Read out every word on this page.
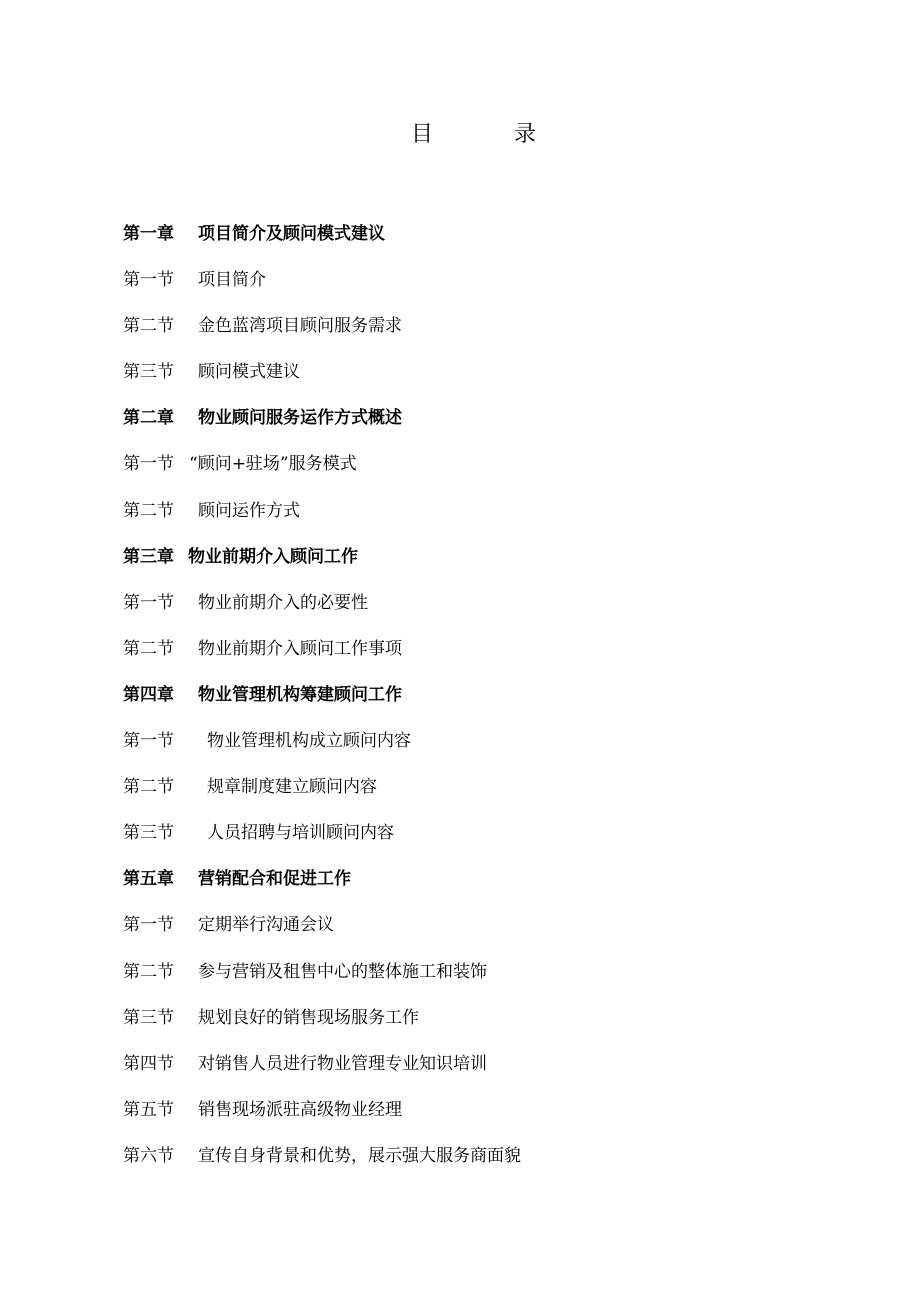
目	录
第一章 项目简介及顾问模式建议
第一节 项目简介
第二节 金色蓝湾项目顾问服务需求
第三节 顾问模式建议
第二章 物业顾问服务运作方式概述
第一节 “顾问+驻场”服务模式
第二节 顾问运作方式
第三章 物业前期介入顾问工作
第一节 物业前期介入的必要性
第二节 物业前期介入顾问工作事项
第四章 物业管理机构筹建顾问工作
第一节 物业管理机构成立顾问内容
第二节 规章制度建立顾问内容
第三节 人员招聘与培训顾问内容
第五章 营销配合和促进工作
第一节 定期举行沟通会议
第二节 参与营销及租售中心的整体施工和装饰
第三节 规划良好的销售现场服务工作
第四节 对销售人员进行物业管理专业知识培训
第五节 销售现场派驻高级物业经理
第六节 宣传自身背景和优势，展示强大服务商面貌
